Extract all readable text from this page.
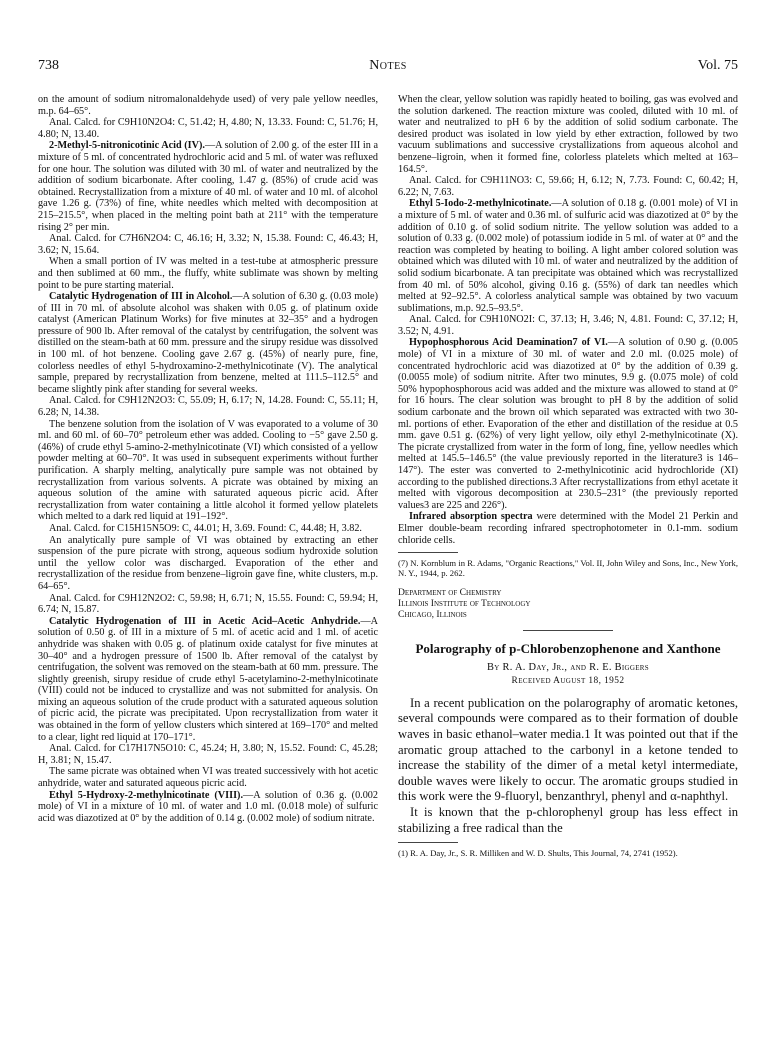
738	Notes	Vol. 75

on the amount of sodium nitromalonaldehyde used) of very pale yellow needles, m.p. 64–65°.

Anal. Calcd. for C9H10N2O4: C, 51.42; H, 4.80; N, 13.33. Found: C, 51.76; H, 4.80; N, 13.40.

2-Methyl-5-nitronicotinic Acid (IV).—A solution of 2.00 g. of the ester III in a mixture of 5 ml. of concentrated hydrochloric acid and 5 ml. of water was refluxed for one hour. The solution was diluted with 30 ml. of water and neutralized by the addition of sodium bicarbonate. After cooling, 1.47 g. (85%) of crude acid was obtained. Recrystallization from a mixture of 40 ml. of water and 10 ml. of alcohol gave 1.26 g. (73%) of fine, white needles which melted with decomposition at 215–215.5°, when placed in the melting point bath at 211° with the temperature rising 2° per min.

Anal. Calcd. for C7H6N2O4: C, 46.16; H, 3.32; N, 15.38. Found: C, 46.43; H, 3.62; N, 15.64.

When a small portion of IV was melted in a test-tube at atmospheric pressure and then sublimed at 60 mm., the fluffy, white sublimate was shown by melting point to be pure starting material.

Catalytic Hydrogenation of III in Alcohol.—A solution of 6.30 g. (0.03 mole) of III in 70 ml. of absolute alcohol was shaken with 0.05 g. of platinum oxide catalyst (American Platinum Works) for five minutes at 32–35° and a hydrogen pressure of 900 lb. After removal of the catalyst by centrifugation, the solvent was distilled on the steam-bath at 60 mm. pressure and the sirupy residue was dissolved in 100 ml. of hot benzene. Cooling gave 2.67 g. (45%) of nearly pure, fine, colorless needles of ethyl 5-hydroxamino-2-methylnicotinate (V). The analytical sample, prepared by recrystallization from benzene, melted at 111.5–112.5° and became slightly pink after standing for several weeks.

Anal. Calcd. for C9H12N2O3: C, 55.09; H, 6.17; N, 14.28. Found: C, 55.11; H, 6.28; N, 14.38.

The benzene solution from the isolation of V was evaporated to a volume of 30 ml. and 60 ml. of 60–70° petroleum ether was added. Cooling to −5° gave 2.50 g. (46%) of crude ethyl 5-amino-2-methylnicotinate (VI) which consisted of a yellow powder melting at 60–70°. It was used in subsequent experiments without further purification. A sharply melting, analytically pure sample was not obtained by recrystallization from various solvents. A picrate was obtained by mixing an aqueous solution of the amine with saturated aqueous picric acid. After recrystallization from water containing a little alcohol it formed yellow platelets which melted to a dark red liquid at 191–192°.

Anal. Calcd. for C15H15N5O9: C, 44.01; H, 3.69. Found: C, 44.48; H, 3.82.

An analytically pure sample of VI was obtained by extracting an ether suspension of the pure picrate with strong, aqueous sodium hydroxide solution until the yellow color was discharged. Evaporation of the ether and recrystallization of the residue from benzene–ligroin gave fine, white clusters, m.p. 64–65°.

Anal. Calcd. for C9H12N2O2: C, 59.98; H, 6.71; N, 15.55. Found: C, 59.94; H, 6.74; N, 15.87.

Catalytic Hydrogenation of III in Acetic Acid–Acetic Anhydride.—A solution of 0.50 g. of III in a mixture of 5 ml. of acetic acid and 1 ml. of acetic anhydride was shaken with 0.05 g. of platinum oxide catalyst for five minutes at 30–40° and a hydrogen pressure of 1500 lb. After removal of the catalyst by centrifugation, the solvent was removed on the steam-bath at 60 mm. pressure. The slightly greenish, sirupy residue of crude ethyl 5-acetylamino-2-methylnicotinate (VIII) could not be induced to crystallize and was not submitted for analysis. On mixing an aqueous solution of the crude product with a saturated aqueous solution of picric acid, the picrate was precipitated. Upon recrystallization from water it was obtained in the form of yellow clusters which sintered at 169–170° and melted to a clear, light red liquid at 170–171°.

Anal. Calcd. for C17H17N5O10: C, 45.24; H, 3.80; N, 15.52. Found: C, 45.28; H, 3.81; N, 15.47.

The same picrate was obtained when VI was treated successively with hot acetic anhydride, water and saturated aqueous picric acid.

Ethyl 5-Hydroxy-2-methylnicotinate (VIII).—A solution of 0.36 g. (0.002 mole) of VI in a mixture of 10 ml. of water and 1.0 ml. (0.018 mole) of sulfuric acid was diazotized at 0° by the addition of 0.14 g. (0.002 mole) of sodium nitrate.

When the clear, yellow solution was rapidly heated to boiling, gas was evolved and the solution darkened. The reaction mixture was cooled, diluted with 10 ml. of water and neutralized to pH 6 by the addition of solid sodium carbonate. The desired product was isolated in low yield by ether extraction, followed by two vacuum sublimations and successive crystallizations from aqueous alcohol and benzene–ligroin, when it formed fine, colorless platelets which melted at 163–164.5°.

Anal. Calcd. for C9H11NO3: C, 59.66; H, 6.12; N, 7.73. Found: C, 60.42; H, 6.22; N, 7.63.

Ethyl 5-Iodo-2-methylnicotinate.—A solution of 0.18 g. (0.001 mole) of VI in a mixture of 5 ml. of water and 0.36 ml. of sulfuric acid was diazotized at 0° by the addition of 0.10 g. of solid sodium nitrite. The yellow solution was added to a solution of 0.33 g. (0.002 mole) of potassium iodide in 5 ml. of water at 0° and the reaction was completed by heating to boiling. A light amber colored solution was obtained which was diluted with 10 ml. of water and neutralized by the addition of solid sodium bicarbonate. A tan precipitate was obtained which was recrystallized from 40 ml. of 50% alcohol, giving 0.16 g. (55%) of dark tan needles which melted at 92–92.5°. A colorless analytical sample was obtained by two vacuum sublimations, m.p. 92.5–93.5°.

Anal. Calcd. for C9H10NO2I: C, 37.13; H, 3.46; N, 4.81. Found: C, 37.12; H, 3.52; N, 4.91.

Hypophosphorous Acid Deamination7 of VI.—A solution of 0.90 g. (0.005 mole) of VI in a mixture of 30 ml. of water and 2.0 ml. (0.025 mole) of concentrated hydrochloric acid was diazotized at 0° by the addition of 0.39 g. (0.0055 mole) of sodium nitrite. After two minutes, 9.9 g. (0.075 mole) of cold 50% hypophosphorous acid was added and the mixture was allowed to stand at 0° for 16 hours. The clear solution was brought to pH 8 by the addition of solid sodium carbonate and the brown oil which separated was extracted with two 30-ml. portions of ether. Evaporation of the ether and distillation of the residue at 0.5 mm. gave 0.51 g. (62%) of very light yellow, oily ethyl 2-methylnicotinate (X). The picrate crystallized from water in the form of long, fine, yellow needles which melted at 145.5–146.5° (the value previously reported in the literature3 is 146–147°). The ester was converted to 2-methylnicotinic acid hydrochloride (XI) according to the published directions.3 After recrystallizations from ethyl acetate it melted with vigorous decomposition at 230.5–231° (the previously reported values3 are 225 and 226°).

Infrared absorption spectra were determined with the Model 21 Perkin and Elmer double-beam recording infrared spectrophotometer in 0.1-mm. sodium chloride cells.

(7) N. Kornblum in R. Adams, "Organic Reactions," Vol. II, John Wiley and Sons, Inc., New York, N. Y., 1944, p. 262.

Department of Chemistry
Illinois Institute of Technology
Chicago, Illinois

Polarography of p-Chlorobenzophenone and Xanthone

By R. A. Day, Jr., and R. E. Biggers

Received August 18, 1952

In a recent publication on the polarography of aromatic ketones, several compounds were compared as to their formation of double waves in basic ethanol–water media.1 It was pointed out that if the aromatic group attached to the carbonyl in a ketone tended to increase the stability of the dimer of a metal ketyl intermediate, double waves were likely to occur. The aromatic groups studied in this work were the 9-fluoryl, benzanthryl, phenyl and α-naphthyl.

It is known that the p-chlorophenyl group has less effect in stabilizing a free radical than the

(1) R. A. Day, Jr., S. R. Milliken and W. D. Shults, This Journal, 74, 2741 (1952).
